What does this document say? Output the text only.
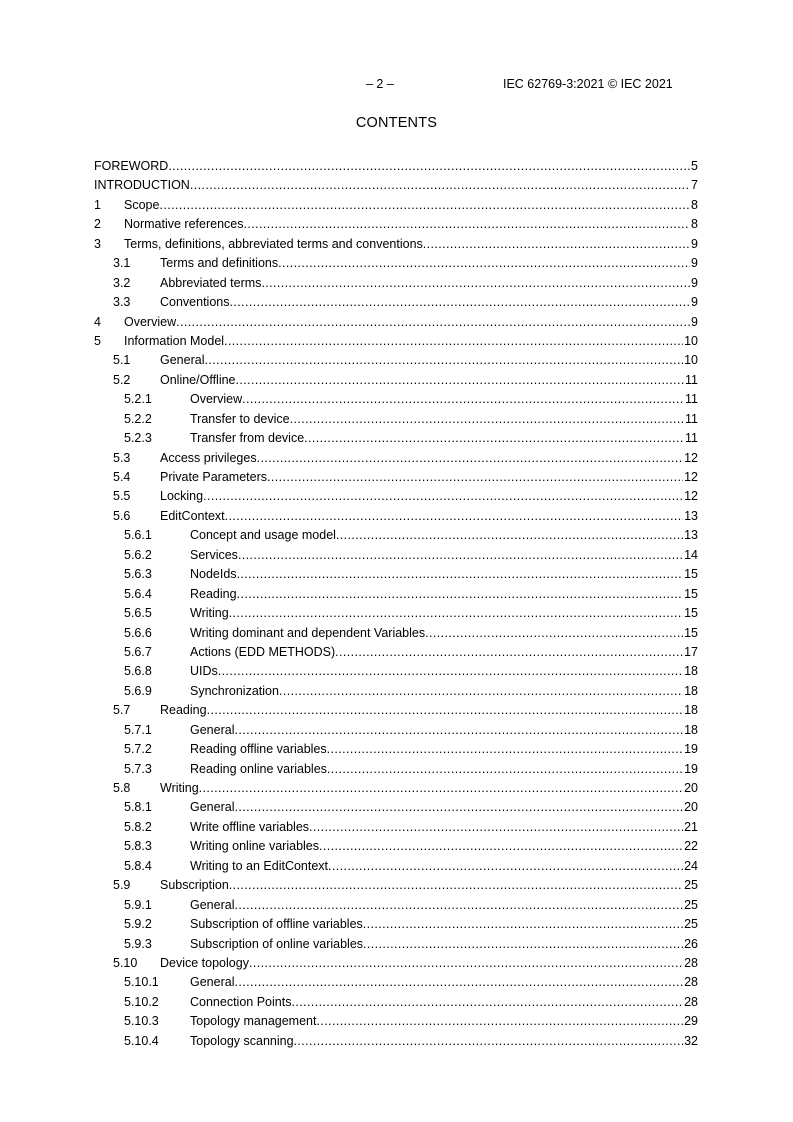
– 2 –	IEC 62769-3:2021 © IEC 2021
CONTENTS
FOREWORD .....	5
INTRODUCTION .....	7
1 Scope .....	8
2 Normative references .....	8
3 Terms, definitions, abbreviated terms and conventions .....	9
3.1 Terms and definitions .....	9
3.2 Abbreviated terms .....	9
3.3 Conventions .....	9
4 Overview .....	9
5 Information Model .....	10
5.1 General .....	10
5.2 Online/Offline .....	11
5.2.1	Overview .....	11
5.2.2	Transfer to device .....	11
5.2.3	Transfer from device .....	11
5.3 Access privileges .....	12
5.4 Private Parameters .....	12
5.5 Locking .....	12
5.6 EditContext .....	13
5.6.1	Concept and usage model .....	13
5.6.2	Services .....	14
5.6.3	NodeIds .....	15
5.6.4	Reading .....	15
5.6.5	Writing .....	15
5.6.6	Writing dominant and dependent Variables .....	15
5.6.7	Actions (EDD METHODS) .....	17
5.6.8	UIDs .....	18
5.6.9	Synchronization .....	18
5.7 Reading .....	18
5.7.1	General .....	18
5.7.2	Reading offline variables .....	19
5.7.3	Reading online variables .....	19
5.8 Writing .....	20
5.8.1	General .....	20
5.8.2	Write offline variables .....	21
5.8.3	Writing online variables .....	22
5.8.4	Writing to an EditContext .....	24
5.9 Subscription .....	25
5.9.1	General .....	25
5.9.2	Subscription of offline variables .....	25
5.9.3	Subscription of online variables .....	26
5.10 Device topology .....	28
5.10.1 General .....	28
5.10.2 Connection Points .....	28
5.10.3 Topology management .....	29
5.10.4 Topology scanning .....	32
